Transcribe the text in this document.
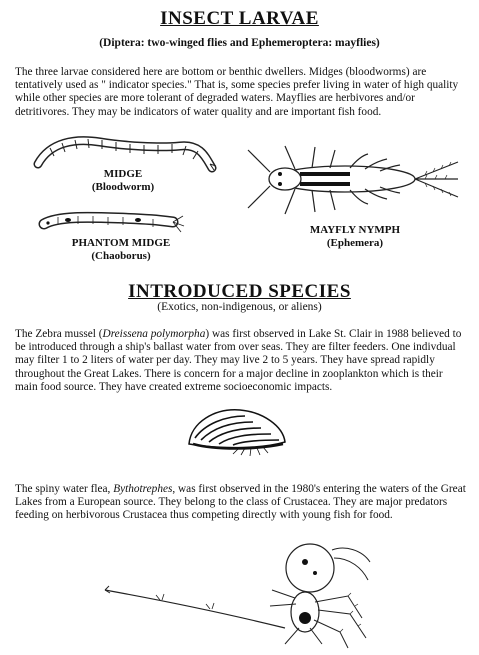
INSECT LARVAE
(Diptera: two-winged flies and Ephemeroptera: mayflies)
The three larvae considered here are bottom or benthic dwellers. Midges (bloodworms) are tentatively used as " indicator species." That is, some species prefer living in water of high quality while other species are more tolerant of degraded waters. Mayflies are herbivores and/or detritivores. They may be indicators of water quality and are important fish food.
MIDGE
(Bloodworm)
MAYFLY NYMPH
(Ephemera)
PHANTOM MIDGE
(Chaoborus)
INTRODUCED SPECIES
(Exotics, non-indigenous, or aliens)
The Zebra mussel (Dreissena polymorpha) was first observed in Lake St. Clair in 1988 believed to be introduced through a ship's ballast water from over seas. They are filter feeders. One indivdual may filter 1 to 2 liters of water per day. They may live 2 to 5 years. They have spread rapidly throughout the Great Lakes. There is concern for a major decline in zooplankton which is their main food source. They have created extreme socioeconomic impacts.
The spiny water flea, Bythotrephes, was first observed in the 1980's entering the waters of the Great Lakes from a European source. They belong to the class of Crustacea. They are major predators feeding on herbivorous Crustacea thus competing directly with young fish for food.
